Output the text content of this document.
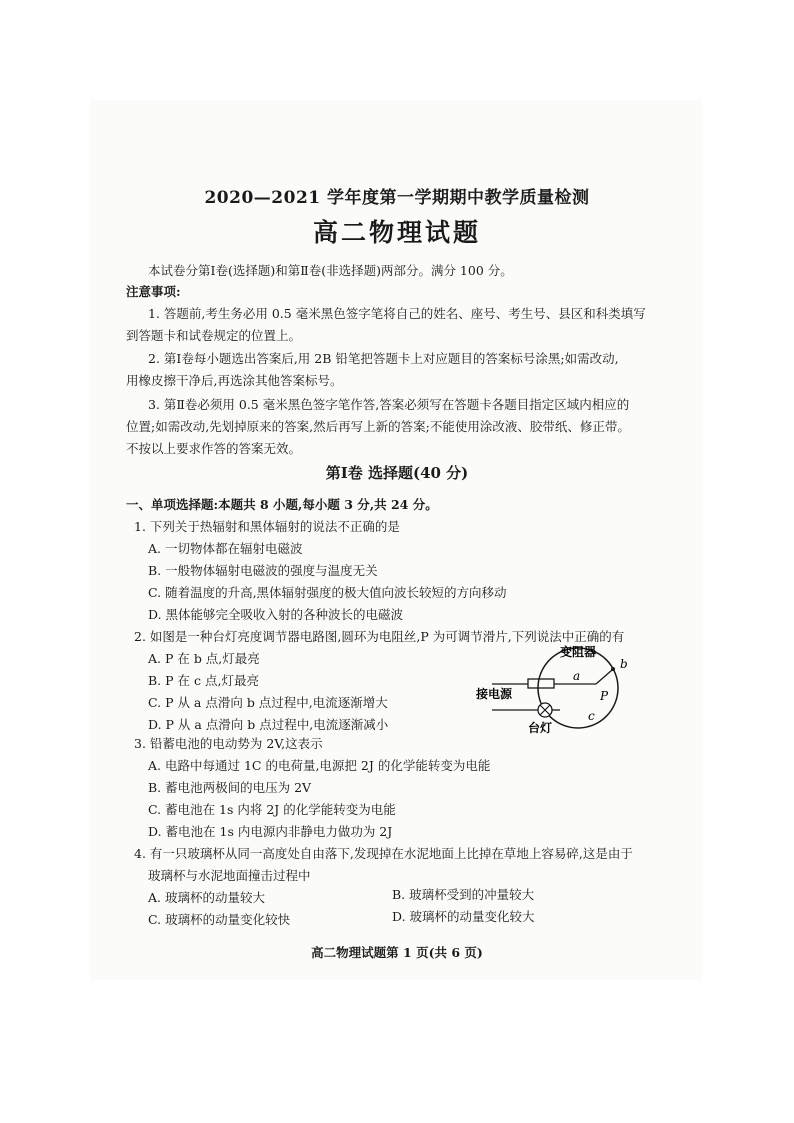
2020—2021 学年度第一学期期中教学质量检测
高二物理试题
本试卷分第Ⅰ卷(选择题)和第Ⅱ卷(非选择题)两部分。满分 100 分。
注意事项:
1. 答题前,考生务必用 0.5 毫米黑色签字笔将自己的姓名、座号、考生号、县区和科类填写
到答题卡和试卷规定的位置上。
2. 第Ⅰ卷每小题选出答案后,用 2B 铅笔把答题卡上对应题目的答案标号涂黑;如需改动,
用橡皮擦干净后,再选涂其他答案标号。
3. 第Ⅱ卷必须用 0.5 毫米黑色签字笔作答,答案必须写在答题卡各题目指定区域内相应的
位置;如需改动,先划掉原来的答案,然后再写上新的答案;不能使用涂改液、胶带纸、修正带。
不按以上要求作答的答案无效。
第Ⅰ卷 选择题(40 分)
一、单项选择题:本题共 8 小题,每小题 3 分,共 24 分。
1. 下列关于热辐射和黑体辐射的说法不正确的是
A. 一切物体都在辐射电磁波
B. 一般物体辐射电磁波的强度与温度无关
C. 随着温度的升高,黑体辐射强度的极大值向波长较短的方向移动
D. 黑体能够完全吸收入射的各种波长的电磁波
2. 如图是一种台灯亮度调节器电路图,圆环为电阻丝,P 为可调节滑片,下列说法中正确的有
A. P 在 b 点,灯最亮
B. P 在 c 点,灯最亮
C. P 从 a 点滑向 b 点过程中,电流逐渐增大
D. P 从 a 点滑向 b 点过程中,电流逐渐减小
变阻器
接电源
台灯
a
b
c
P
3. 铅蓄电池的电动势为 2V,这表示
A. 电路中每通过 1C 的电荷量,电源把 2J 的化学能转变为电能
B. 蓄电池两极间的电压为 2V
C. 蓄电池在 1s 内将 2J 的化学能转变为电能
D. 蓄电池在 1s 内电源内非静电力做功为 2J
4. 有一只玻璃杯从同一高度处自由落下,发现掉在水泥地面上比掉在草地上容易碎,这是由于
玻璃杯与水泥地面撞击过程中
A. 玻璃杯的动量较大	B. 玻璃杯受到的冲量较大
C. 玻璃杯的动量变化较快	D. 玻璃杯的动量变化较大
高二物理试题第 1 页(共 6 页)
